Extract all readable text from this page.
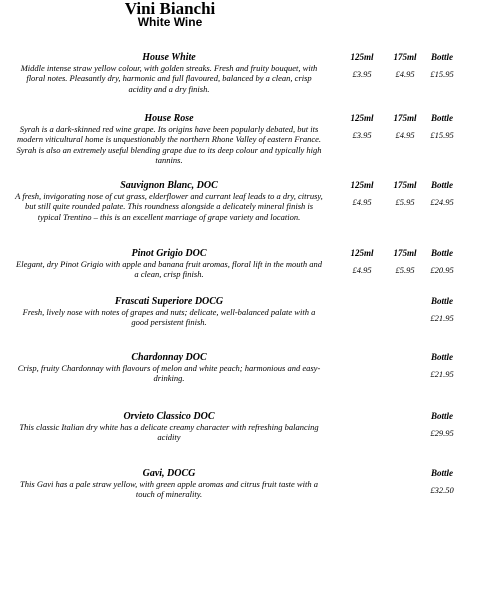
Vini Bianchi
White Wine
House White
Middle intense straw yellow colour, with golden streaks. Fresh and fruity bouquet, with floral notes. Pleasantly dry, harmonic and full flavoured, balanced by a clean, crisp acidity and a dry finish.
125ml	175ml	Bottle
£3.95	£4.95	£15.95
House Rose
Syrah is a dark-skinned red wine grape. Its origins have been popularly debated, but its modern viticultural home is unquestionably the northern Rhone Valley of eastern France. Syrah is also an extremely useful blending grape due to its deep colour and typically high tannins.
125ml	175ml	Bottle
£3.95	£4.95	£15.95
Sauvignon Blanc, DOC
A fresh, invigorating nose of cut grass, elderflower and currant leaf leads to a dry, citrusy, but still quite rounded palate. This roundness alongside a delicately mineral finish is typical Trentino – this is an excellent marriage of grape variety and location.
125ml	175ml	Bottle
£4.95	£5.95	£24.95
Pinot Grigio DOC
Elegant, dry Pinot Grigio with apple and banana fruit aromas, floral lift in the mouth and a clean, crisp finish.
125ml	175ml	Bottle
£4.95	£5.95	£20.95
Frascati Superiore DOCG
Fresh, lively nose with notes of grapes and nuts; delicate, well-balanced palate with a good persistent finish.
Bottle
£21.95
Chardonnay DOC
Crisp, fruity Chardonnay with flavours of melon and white peach; harmonious and easy-drinking.
Bottle
£21.95
Orvieto Classico DOC
This classic Italian dry white has a delicate creamy character with refreshing balancing acidity
Bottle
£29.95
Gavi, DOCG
This Gavi has a pale straw yellow, with green apple aromas and citrus fruit taste with a touch of minerality.
Bottle
£32.50
